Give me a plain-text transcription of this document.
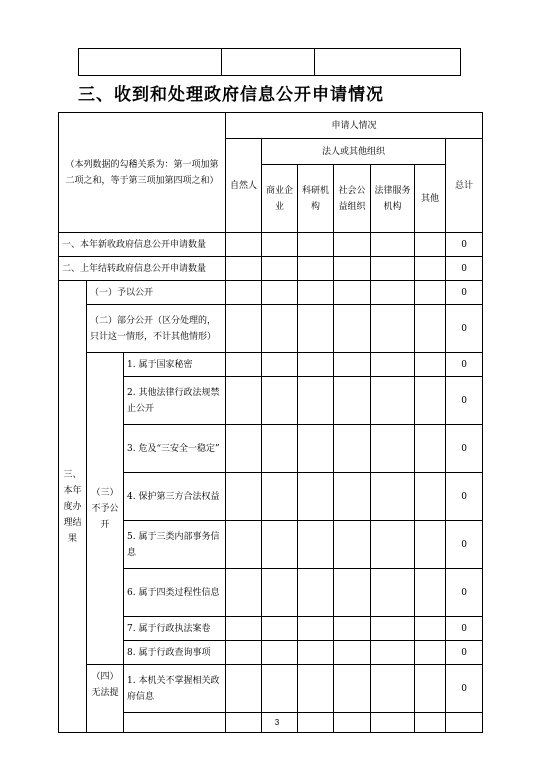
三、收到和处理政府信息公开申请情况
（本列数据的勾稽关系为：第一项加第二项之和，等于第三项加第四项之和）			申请人情况						
			自然人	法人或其他组织					总计
				商业企业	科研机构	社会公益组织	法律服务机构	其他	
一、本年新收政府信息公开申请数量									0
二、上年结转政府信息公开申请数量									0
三、本年度办理结果	（一）予以公开								0
	（二）部分公开（区分处理的，只计这一情形，不计其他情形）								0
	（三）不予公开	1. 属于国家秘密							0
		2. 其他法律行政法规禁止公开							0
		3. 危及“三安全一稳定”							0
		4. 保护第三方合法权益							0
		5. 属于三类内部事务信息							0
		6. 属于四类过程性信息							0
		7. 属于行政执法案卷							0
		8. 属于行政查询事项							0
	（四）无法提	1. 本机关不掌握相关政府信息							0

3
